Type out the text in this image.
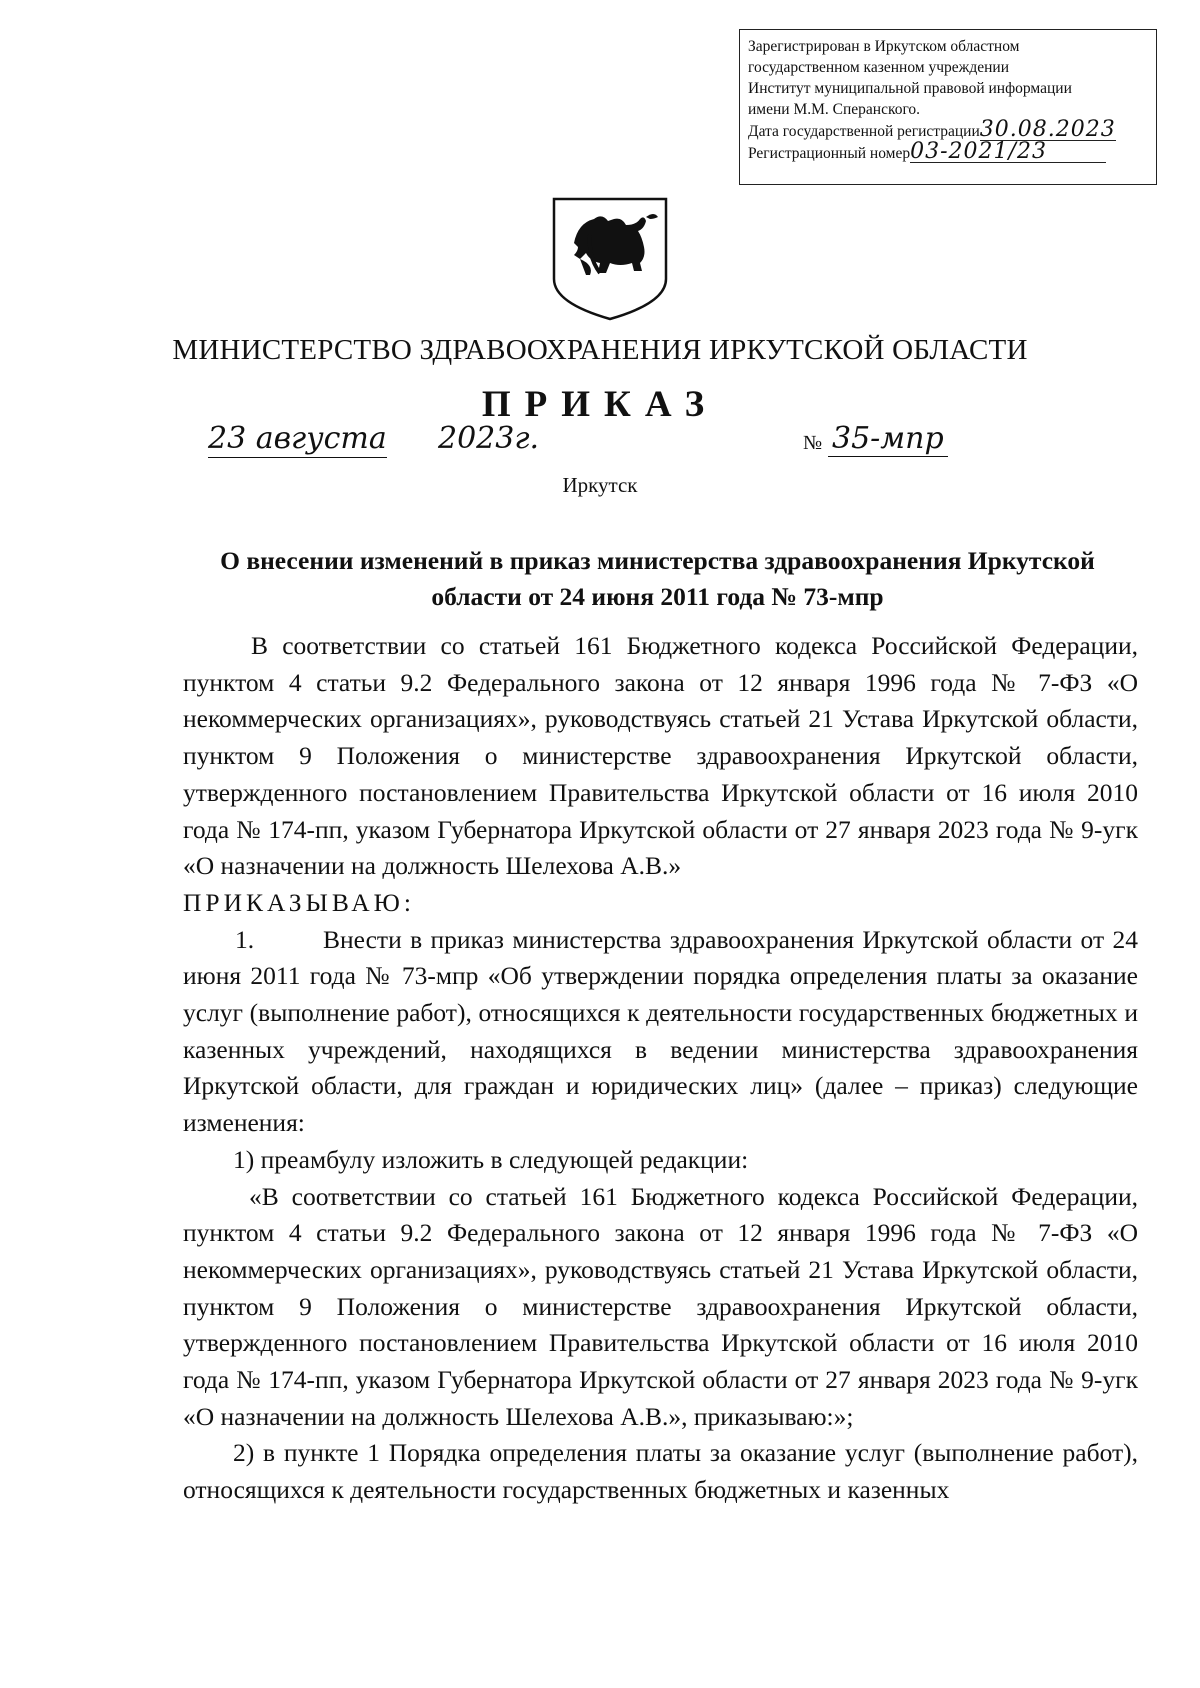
Зарегистрирован в Иркутском областном
государственном казенном учреждении
Институт муниципальной правовой информации
имени М.М. Сперанского.
Дата государственной регистрации30.08.2023
Регистрационный номер03-2021/23
МИНИСТЕРСТВО ЗДРАВООХРАНЕНИЯ ИРКУТСКОЙ ОБЛАСТИ
ПРИКАЗ
23 августа 2023г.	№ 35-мпр
Иркутск
О внесении изменений в приказ министерства здравоохранения Иркутской области от 24 июня 2011 года № 73-мпр

В соответствии со статьей 161 Бюджетного кодекса Российской Федерации, пунктом 4 статьи 9.2 Федерального закона от 12 января 1996 года № 7-ФЗ «О некоммерческих организациях», руководствуясь статьей 21 Устава Иркутской области, пунктом 9 Положения о министерстве здравоохранения Иркутской области, утвержденного постановлением Правительства Иркутской области от 16 июля 2010 года № 174-пп, указом Губернатора Иркутской области от 27 января 2023 года № 9-угк «О назначении на должность Шелехова А.В.»

ПРИКАЗЫВАЮ:

1.	Внести в приказ министерства здравоохранения Иркутской области от 24 июня 2011 года № 73-мпр «Об утверждении порядка определения платы за оказание услуг (выполнение работ), относящихся к деятельности государственных бюджетных и казенных учреждений, находящихся в ведении министерства здравоохранения Иркутской области, для граждан и юридических лиц» (далее – приказ) следующие изменения:

1) преамбулу изложить в следующей редакции:

«В соответствии со статьей 161 Бюджетного кодекса Российской Федерации, пунктом 4 статьи 9.2 Федерального закона от 12 января 1996 года № 7-ФЗ «О некоммерческих организациях», руководствуясь статьей 21 Устава Иркутской области, пунктом 9 Положения о министерстве здравоохранения Иркутской области, утвержденного постановлением Правительства Иркутской области от 16 июля 2010 года № 174-пп, указом Губернатора Иркутской области от 27 января 2023 года № 9-угк «О назначении на должность Шелехова А.В.», приказываю:»;

2) в пункте 1 Порядка определения платы за оказание услуг (выполнение работ), относящихся к деятельности государственных бюджетных и казенных
